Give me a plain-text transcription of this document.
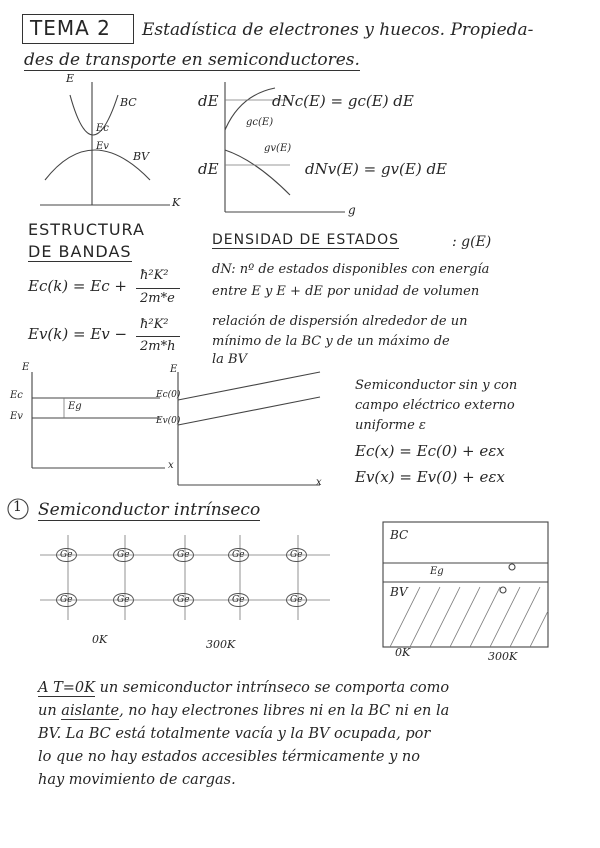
TEMA 2 Estadística de electrones y huecos. Propieda-
des de transporte en semiconductores.
E
K
BC
BV
Ec
Ev
dE
dE
dNc(E) = gc(E) dE
dNv(E) = gv(E) dE
gc(E)
gv(E)
g
ESTRUCTURA
DE BANDAS
Ec(k) = Ec +
ħ²K²
2m*e
Ev(k) = Ev −
ħ²K²
2m*h
DENSIDAD DE ESTADOS	: g(E)
dN: nº de estados disponibles con energía
entre E y E + dE por unidad de volumen
relación de dispersión alrededor de un
mínimo de la BC y de un máximo de
la BV
E	E
Ec
Ev
Eg
Ec(0)
Ev(0)
x
x
Semiconductor sin y con
campo eléctrico externo
uniforme ε
Ec(x) = Ec(0) + eεx
Ev(x) = Ev(0) + eεx
1 Semiconductor intrínseco
Ge	Ge	Ge	Ge	Ge
Ge	Ge	Ge	Ge	Ge
0K	300K
BC
BV
Eg
0K	300K
A T=0K un semiconductor intrínseco se comporta como
un aislante, no hay electrones libres ni en la BC ni en la
BV. La BC está totalmente vacía y la BV ocupada, por
lo que no hay estados accesibles térmicamente y no
hay movimiento de cargas.
